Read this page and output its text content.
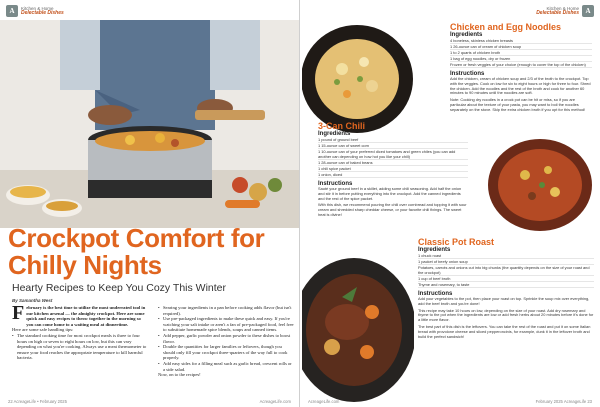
A	Kitchen & Home
Delectable Dishes
Crockpot Comfort for Chilly Nights
Hearty Recipes to Keep You Cozy This Winter
By Samantha West
F ebruary is the best time to utilize the most underrated tool in our kitchen arsenal — the almighty crockpot. Here are some quick and easy recipes to throw together in the morning so you can come home to a waiting meal at dinnertime.
Here are some safe handling tips:
• The standard cooking time for most crockpot meals is three to four hours on high or seven to eight hours on low, but this can vary depending on what you're cooking. Always use a meat thermometer to ensure your food reaches the appropriate temperature to kill harmful bacteria.
• Searing your ingredients in a pan before cooking adds flavor (but isn't required).
• Use pre-packaged ingredients to make these quick and easy. If you're watching your salt intake or aren't a fan of pre-packaged food, feel free to substitute homemade spice blends, soups and canned items.
• Add pepper, garlic powder and onion powder to these dishes to boost flavor.
• Double the quantities for larger families or leftovers, though you should only fill your crockpot three-quarters of the way full to cook properly.
• Add easy sides for a filling meal such as garlic bread, crescent rolls or a side salad.
Now, on to the recipes!
22 AcreageLife • February 2025	AcreageLife.com
A
Kitchen & Home
Delectable Dishes
Chicken and Egg Noodles
Ingredients
4 boneless, skinless chicken breasts
1 26-ounce can of cream of chicken soup
1 to 2 quarts of chicken broth
1 bag of egg noodles, dry or frozen
Frozen or fresh veggies of your choice (enough to cover the top of the chicken)
Instructions
Add the chicken, cream of chicken soup and 2/3 of the broth to the crockpot. Top with the veggies. Cook on low for six to eight hours or high for three to four. Shred the chicken. Add the noodles and the rest of the broth and cook for another 60 minutes to 90 minutes until the noodles are soft.
Note: Cooking dry noodles in a crock pot can be hit or miss, so if you are particular about the texture of your pasta, you may want to boil the noodles separately on the stove. Skip the extra chicken broth if you opt for this method!
3-Can Chili
Ingredients
1 pound of ground beef
1 15-ounce can of sweet corn
1 10-ounce can of your preferred diced tomatoes and green chiles (you can add another can depending on how hot you like your chili)
1 28-ounce can of baked beans
1 chili spice packet
1 onion, diced
Instructions
Sauté your ground beef in a skillet, adding some chili seasoning. Add half the onion and stir it in before putting everything into the crockpot. Add the canned ingredients and the rest of the spice packet.
With this dish, we recommend pouring the chili over cornbread and topping it with sour cream and shredded sharp cheddar cheese, or your favorite chili fixings. The sweet heat is divine!
Classic Pot Roast
Ingredients
1 chuck roast
1 packet of beefy onion soup
Potatoes, carrots and onions cut into big chunks (the quantity depends on the size of your roast and the crockpot)
1 cup of beef broth
Thyme and rosemary, to taste
Instructions
Add your vegetables to the pot, then place your roast on top. Sprinkle the soup mix over everything, add the beef broth and you're done!
This recipe may take 10 hours on low, depending on the size of your roast. Add dry rosemary and thyme to the pot when the ingredients are low or add fresh herbs about 20 minutes before it's done for a little more flavor.
The best part of this dish is the leftovers. You can take the rest of the roast and put it on some Italian bread with provolone cheese and sliced pepperoncinis, for example, dunk it in the leftover broth and build the perfect sandwich!
AcreageLife.com	February 2025 AcreageLife 23
